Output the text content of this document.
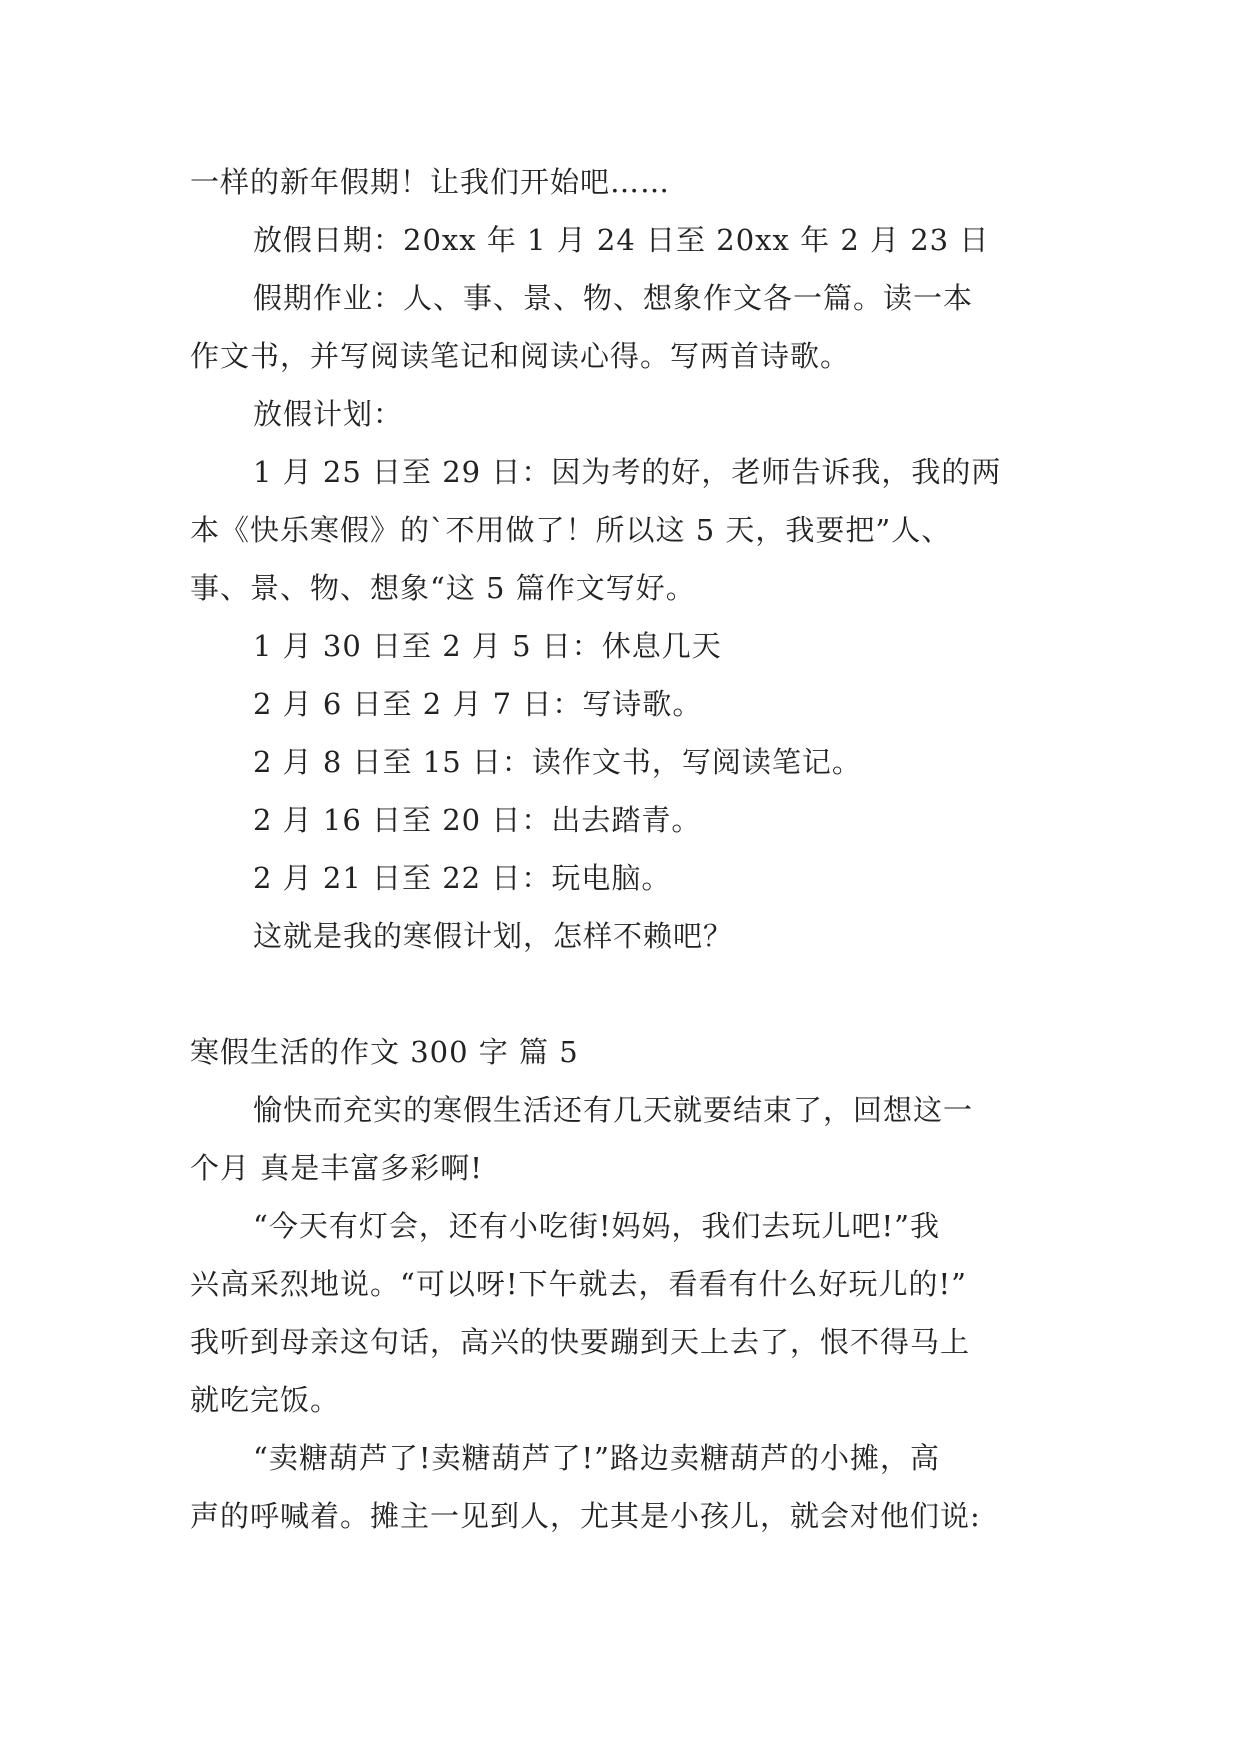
一样的新年假期！让我们开始吧……
放假日期：20xx 年 1 月 24 日至 20xx 年 2 月 23 日
假期作业：人、事、景、物、想象作文各一篇。读一本
作文书，并写阅读笔记和阅读心得。写两首诗歌。
放假计划：
1 月 25 日至 29 日：因为考的好，老师告诉我，我的两
本《快乐寒假》的`不用做了！所以这 5 天，我要把”人、
事、景、物、想象“这 5 篇作文写好。
1 月 30 日至 2 月 5 日：休息几天
2 月 6 日至 2 月 7 日：写诗歌。
2 月 8 日至 15 日：读作文书，写阅读笔记。
2 月 16 日至 20 日：出去踏青。
2 月 21 日至 22 日：玩电脑。
这就是我的寒假计划，怎样不赖吧？
寒假生活的作文 300 字 篇 5
愉快而充实的寒假生活还有几天就要结束了，回想这一
个月 真是丰富多彩啊!
“今天有灯会，还有小吃街!妈妈，我们去玩儿吧!”我
兴高采烈地说。“可以呀!下午就去，看看有什么好玩儿的!”
我听到母亲这句话，高兴的快要蹦到天上去了，恨不得马上
就吃完饭。
“卖糖葫芦了!卖糖葫芦了!”路边卖糖葫芦的小摊，高
声的呼喊着。摊主一见到人，尤其是小孩儿，就会对他们说:
